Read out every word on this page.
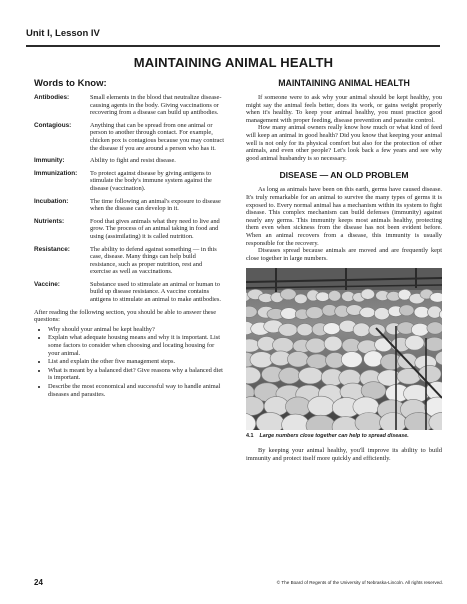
Unit I, Lesson IV
MAINTAINING ANIMAL HEALTH
Words to Know:
Antibodies:	Small elements in the blood that neutralize disease-causing agents in the body. Giving vaccinations or recovering from a disease can build up antibodies.
Contagious:	Anything that can be spread from one animal or person to another through contact. For example, chicken pox is contagious because you may contract the disease if you are around a person who has it.
Immunity:	Ability to fight and resist disease.
Immunization:	To protect against disease by giving antigens to stimulate the body's immune system against the disease (vaccination).
Incubation:	The time following an animal's exposure to disease when the disease can develop in it.
Nutrients:	Food that gives animals what they need to live and grow. The process of an animal taking in food and using (assimilating) it is called nutrition.
Resistance:	The ability to defend against something — in this case, disease. Many things can help build resistance, such as proper nutrition, rest and exercise as well as vaccinations.
Vaccine:	Substance used to stimulate an animal or human to build up disease resistance. A vaccine contains antigens to stimulate an animal to make antibodies.
After reading the following section, you should be able to answer these questions:
• Why should your animal be kept healthy?
• Explain what adequate housing means and why it is important. List some factors to consider when choosing and locating housing for your animal.
• List and explain the other five management steps.
• What is meant by a balanced diet? Give reasons why a balanced diet is important.
• Describe the most economical and successful way to handle animal diseases and parasites.
MAINTAINING ANIMAL HEALTH

If someone were to ask why your animal should be kept healthy, you might say the animal feels better, does its work, or gains weight properly when it's healthy. To keep your animal healthy, you must practice good management with proper feeding, disease prevention and parasite control.

How many animal owners really know how much or what kind of feed will keep an animal in good health? Did you know that keeping your animal well is not only for its physical comfort but also for the protection of other animals, and even other people? Let's look back a few years and see why good animal husbandry is so necessary.

DISEASE — AN OLD PROBLEM

As long as animals have been on this earth, germs have caused disease. It's truly remarkable for an animal to survive the many types of germs it is exposed to. Every normal animal has a mechanism within its system to fight disease. This complex mechanism can build defenses (immunity) against nearly any germs. This immunity keeps most animals healthy, protecting them even when sickness from the disease has not been evident before. When an animal recovers from a disease, this immunity is usually responsible for the recovery.

Diseases spread because animals are moved and are frequently kept close together in large numbers.

4.1 Large numbers close together can help to spread disease.

By keeping your animal healthy, you'll improve its ability to build immunity and protect itself more quickly and efficiently.

24	© The Board of Regents of the University of Nebraska-Lincoln. All rights reserved.
